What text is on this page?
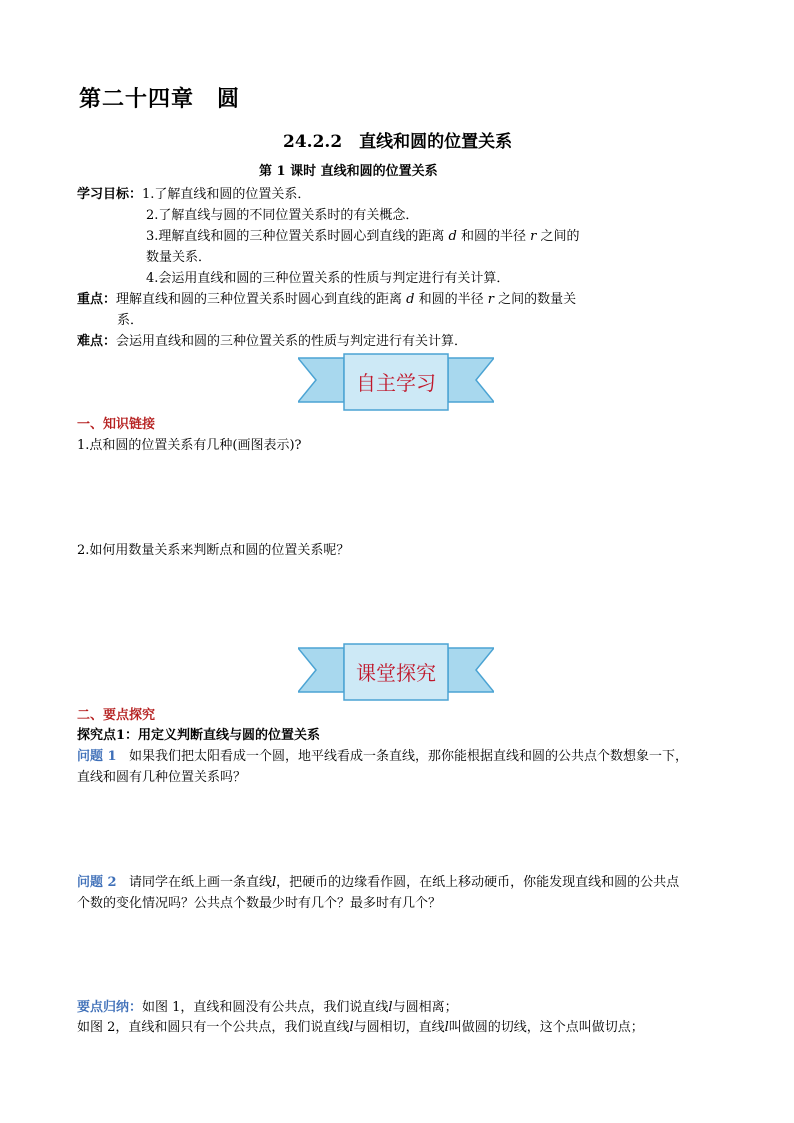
第二十四章　圆
24.2.2　直线和圆的位置关系
第 1 课时 直线和圆的位置关系
学习目标：1.了解直线和圆的位置关系．
2.了解直线与圆的不同位置关系时的有关概念．
3.理解直线和圆的三种位置关系时圆心到直线的距离 d 和圆的半径 r 之间的
数量关系．
4.会运用直线和圆的三种位置关系的性质与判定进行有关计算．
重点：理解直线和圆的三种位置关系时圆心到直线的距离 d 和圆的半径 r 之间的数量关
系．
难点：会运用直线和圆的三种位置关系的性质与判定进行有关计算．
自主学习
一、知识链接
1.点和圆的位置关系有几种(画图表示)?
2.如何用数量关系来判断点和圆的位置关系呢？
课堂探究
二、要点探究
探究点1：用定义判断直线与圆的位置关系
问题 1 如果我们把太阳看成一个圆，地平线看成一条直线，那你能根据直线和圆的公共点个数想象一下，
直线和圆有几种位置关系吗？
问题 2 请同学在纸上画一条直线l，把硬币的边缘看作圆，在纸上移动硬币，你能发现直线和圆的公共点
个数的变化情况吗？公共点个数最少时有几个？最多时有几个？
要点归纳：如图 1，直线和圆没有公共点，我们说直线l与圆相离；
如图 2，直线和圆只有一个公共点，我们说直线l与圆相切，直线l叫做圆的切线，这个点叫做切点；
